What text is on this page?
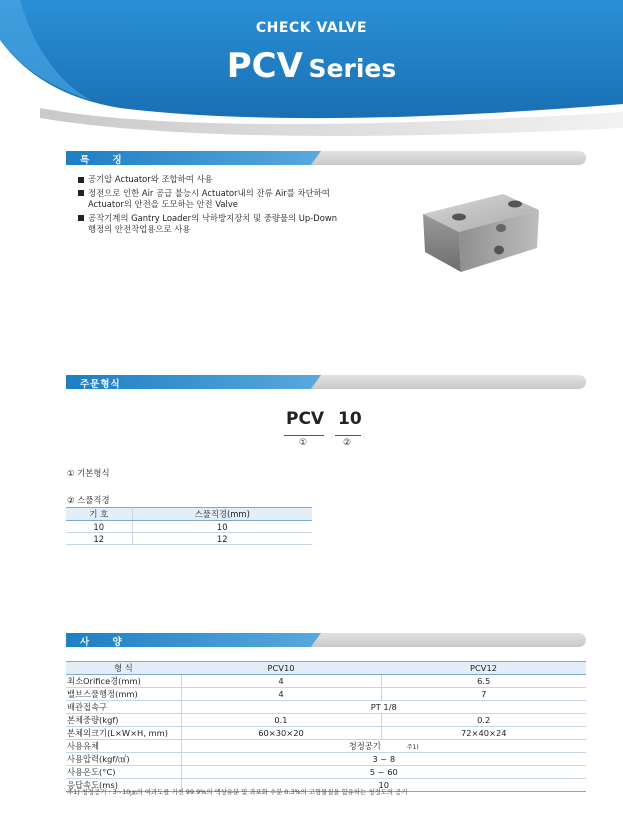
CHECK VALVE
PCV Series
특 징
공기압 Actuator와 조합하여 사용
정전으로 인한 Air 공급 불능시 Actuator내의 잔류 Air를 차단하여
Actuator의 안전을 도모하는 안전 Valve
공작기계의 Gantry Loader의 낙하방지장치 및 중량물의 Up-Down
행정의 안전작업용으로 사용
주문형식
PCV 10
①	②
① 기본형식
② 스풀직경
기 호	스풀직경(mm)
10	10
12	12
사 양
형 식	PCV10	PCV12
최소Orifice경(mm)	4	6.5
밸브스풀행정(mm)	4	7
배관접속구	PT 1/8	
본체중량(kgf)	0.1	0.2
본체외크기(L×W×H, mm)	60×30×20	72×40×24
사용유체	청정공기 주1)	
사용압력(kgf/㎠)	3 ~ 8	
사용온도(°C)	5 ~ 60	
응답속도(ms)	10	
주1) 청정공기 : 3~10㎛의 여과도를 거친 99.9%의 액상유분 및 과포화 수분 0.3%의 고형물질을 함유하는 청정도의 공기
